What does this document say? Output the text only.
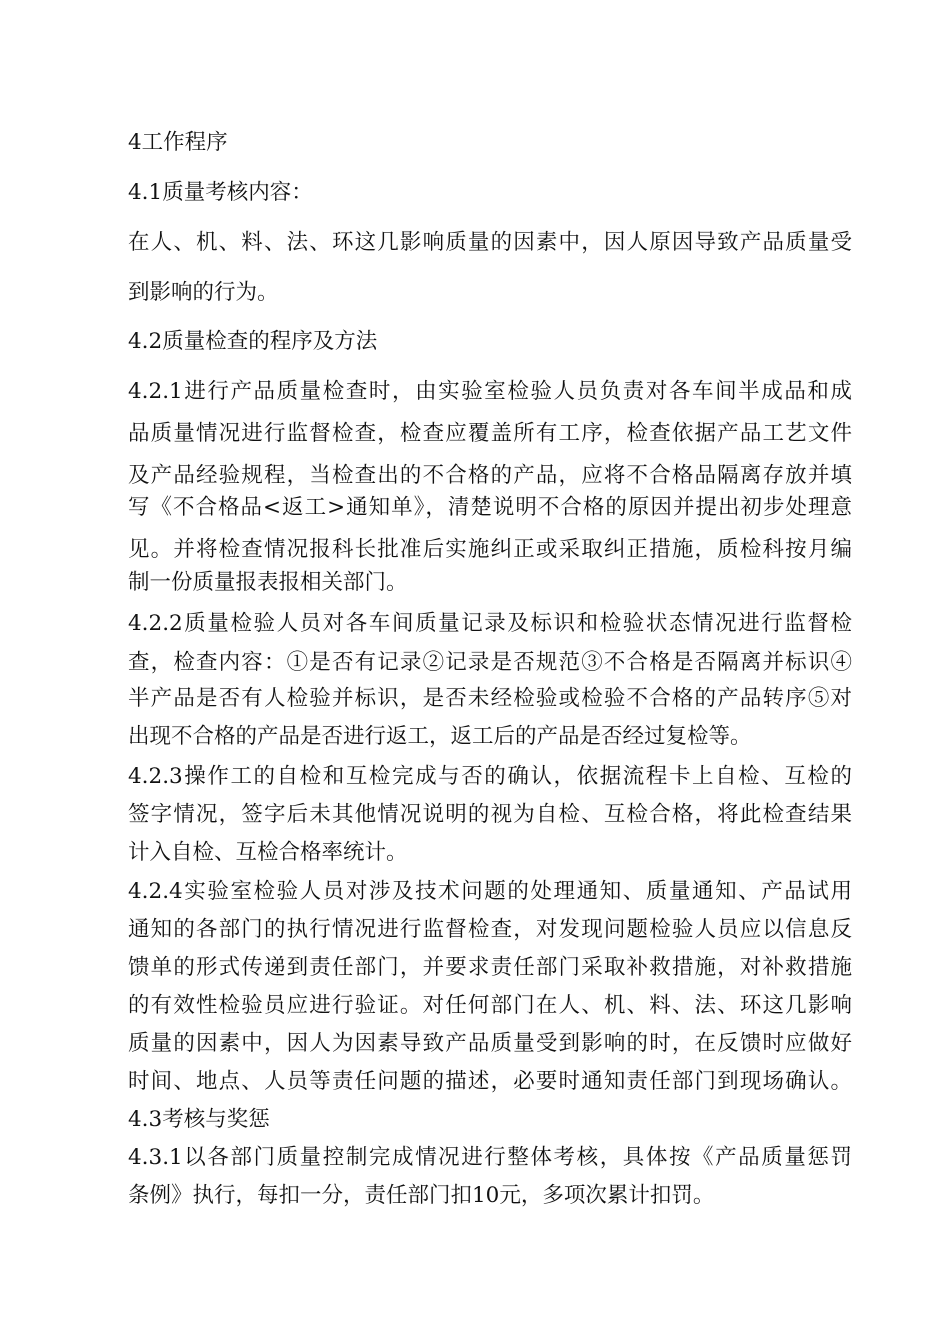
4工作程序
4.1质量考核内容：
在人、机、料、法、环这几影响质量的因素中，因人原因导致产品质量受
到影响的行为。
4.2质量检查的程序及方法
4.2.1进行产品质量检查时，由实验室检验人员负责对各车间半成品和成
品质量情况进行监督检查，检查应覆盖所有工序，检查依据产品工艺文件
及产品经验规程，当检查出的不合格的产品，应将不合格品隔离存放并填
写《不合格品<返工>通知单》，清楚说明不合格的原因并提出初步处理意
见。并将检查情况报科长批准后实施纠正或采取纠正措施，质检科按月编
制一份质量报表报相关部门。
4.2.2质量检验人员对各车间质量记录及标识和检验状态情况进行监督检
查，检查内容：①是否有记录②记录是否规范③不合格是否隔离并标识④
半产品是否有人检验并标识，是否未经检验或检验不合格的产品转序⑤对
出现不合格的产品是否进行返工，返工后的产品是否经过复检等。
4.2.3操作工的自检和互检完成与否的确认，依据流程卡上自检、互检的
签字情况，签字后未其他情况说明的视为自检、互检合格，将此检查结果
计入自检、互检合格率统计。
4.2.4实验室检验人员对涉及技术问题的处理通知、质量通知、产品试用
通知的各部门的执行情况进行监督检查，对发现问题检验人员应以信息反
馈单的形式传递到责任部门，并要求责任部门采取补救措施，对补救措施
的有效性检验员应进行验证。对任何部门在人、机、料、法、环这几影响
质量的因素中，因人为因素导致产品质量受到影响的时，在反馈时应做好
时间、地点、人员等责任问题的描述，必要时通知责任部门到现场确认。
4.3考核与奖惩
4.3.1以各部门质量控制完成情况进行整体考核，具体按《产品质量惩罚
条例》执行，每扣一分，责任部门扣10元，多项次累计扣罚。
